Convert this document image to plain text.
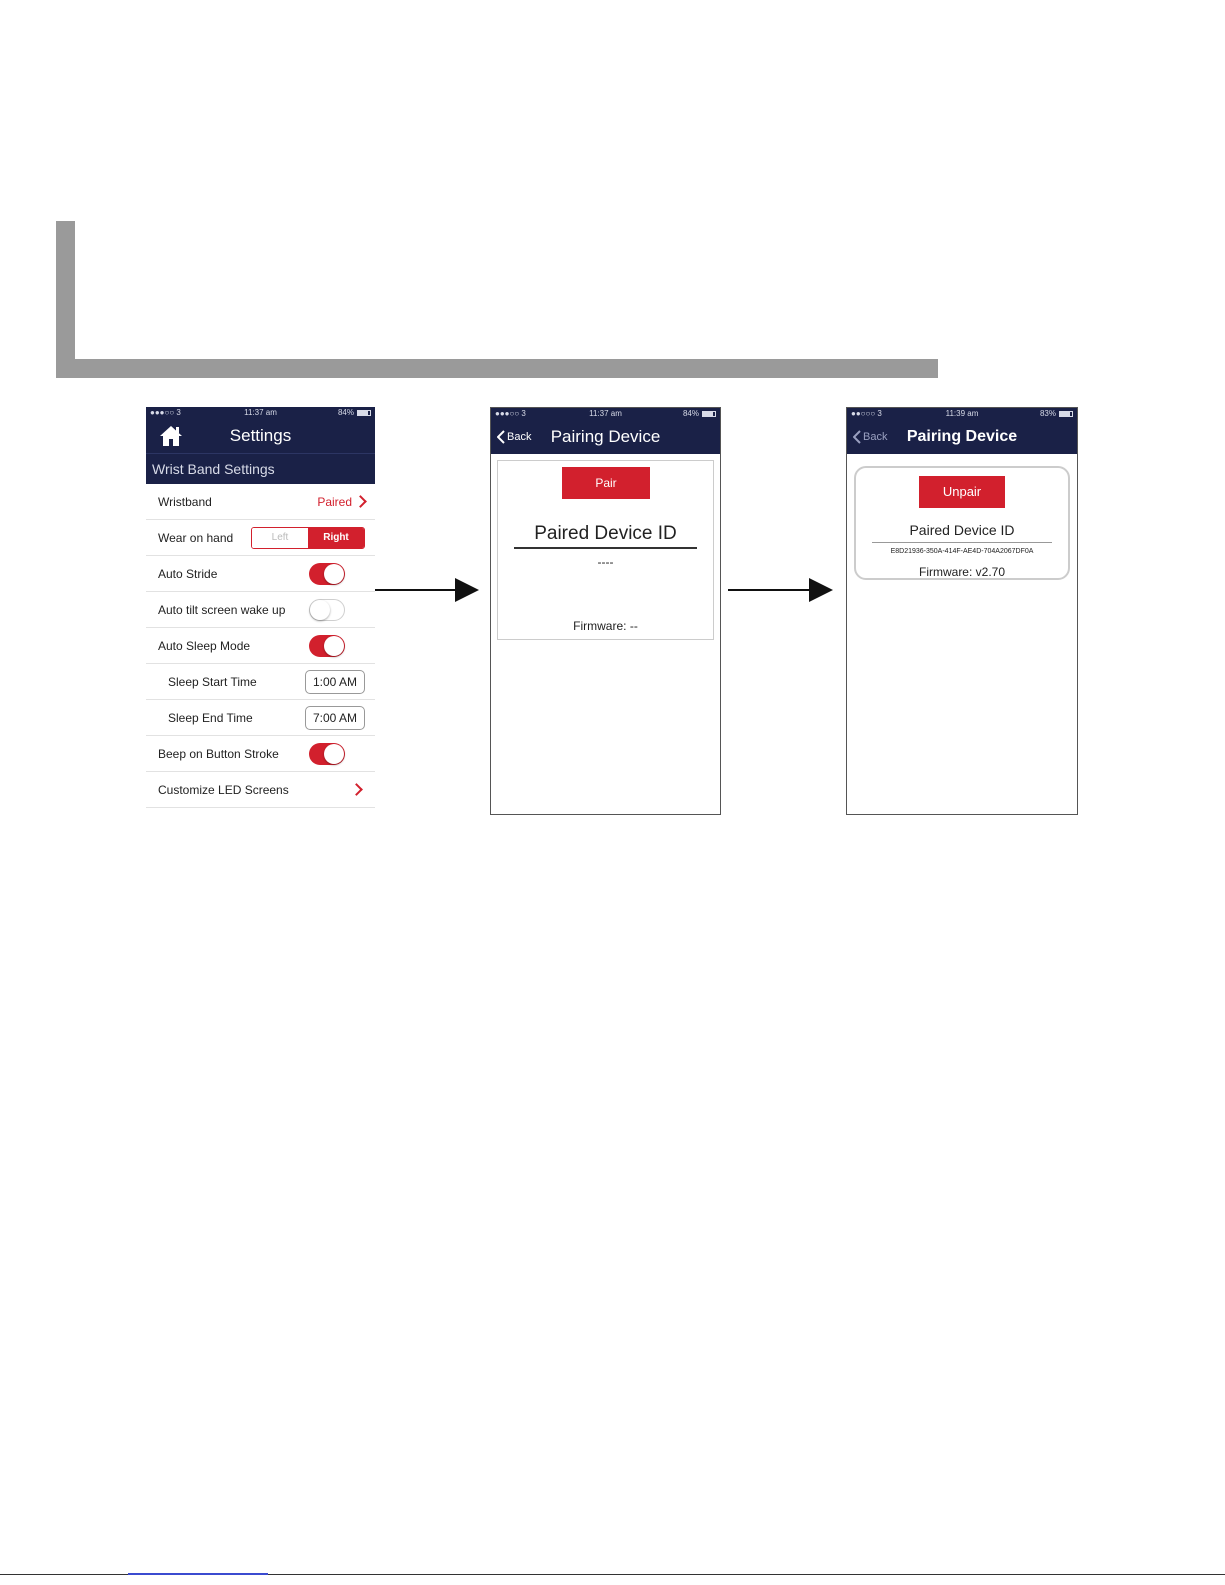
●●●○○ 3	11:37 am	84%
Settings
Wrist Band Settings
Wristband	Paired
Wear on hand	Left	Right
Auto Stride
Auto tilt screen wake up
Auto Sleep Mode
Sleep Start Time	1:00 AM
Sleep End Time	7:00 AM
Beep on Button Stroke
Customize LED Screens
●●●○○ 3	11:37 am	84%
Back	Pairing Device
Pair
Paired Device ID
----
Firmware: --
●●○○○ 3	11:39 am	83%
Back	Pairing Device
Unpair
Paired Device ID
E8D21936-350A-414F-AE4D-704A2067DF0A
Firmware: v2.70
